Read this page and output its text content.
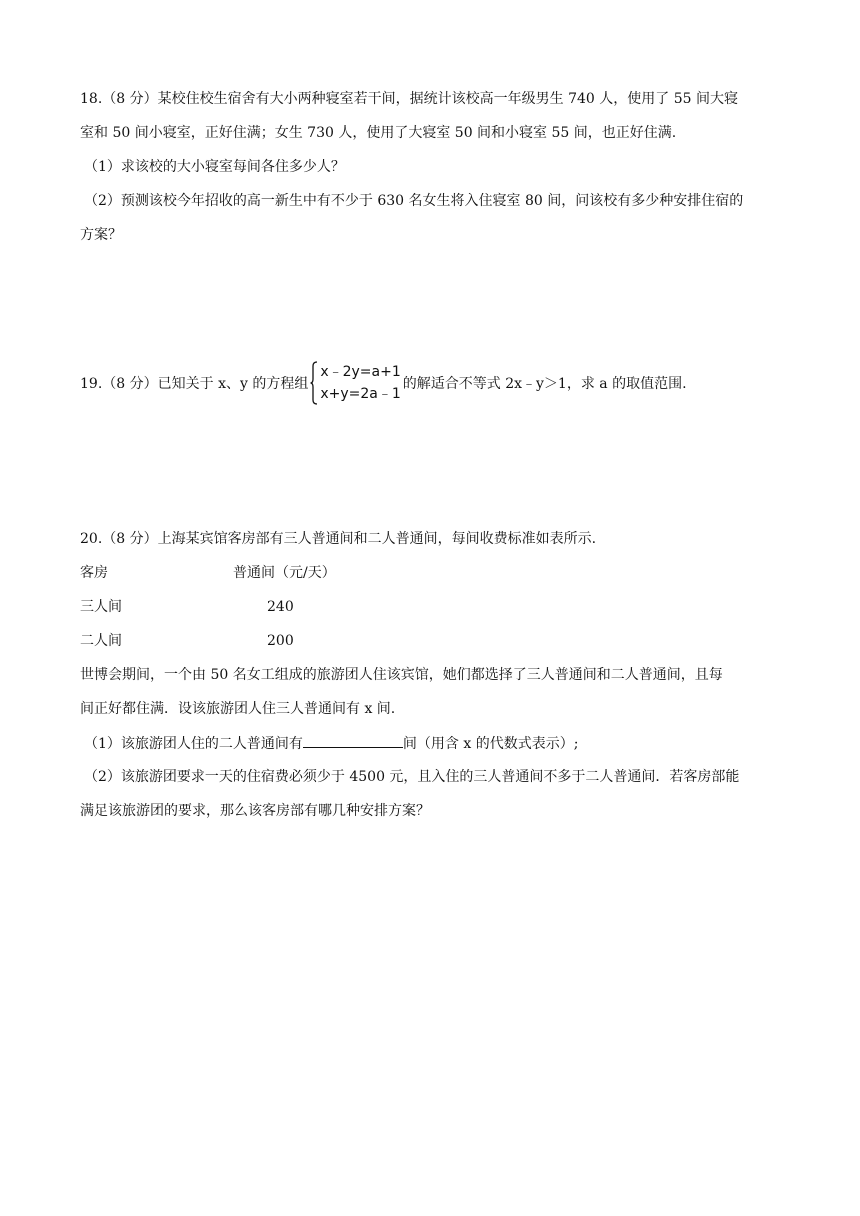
18.（8 分）某校住校生宿舍有大小两种寝室若干间，据统计该校高一年级男生 740 人，使用了 55 间大寝
室和 50 间小寝室，正好住满；女生 730 人，使用了大寝室 50 间和小寝室 55 间，也正好住满.
（1）求该校的大小寝室每间各住多少人？
（2）预测该校今年招收的高一新生中有不少于 630 名女生将入住寝室 80 间，问该校有多少种安排住宿的
方案？
19.（8 分）已知关于 x、y 的方程组
x﹣2y=a+1
x+y=2a﹣1
的解适合不等式 2x﹣y＞1，求 a 的取值范围.
20.（8 分）上海某宾馆客房部有三人普通间和二人普通间，每间收费标准如表所示.
客房	普通间（元/天）
三人间	240
二人间	200
世博会期间，一个由 50 名女工组成的旅游团人住该宾馆，她们都选择了三人普通间和二人普通间，且每
间正好都住满．设该旅游团人住三人普通间有 x 间.
（1）该旅游团人住的二人普通间有	间（用含 x 的代数式表示）;
（2）该旅游团要求一天的住宿费必须少于 4500 元，且入住的三人普通间不多于二人普通间．若客房部能
满足该旅游团的要求，那么该客房部有哪几种安排方案？
